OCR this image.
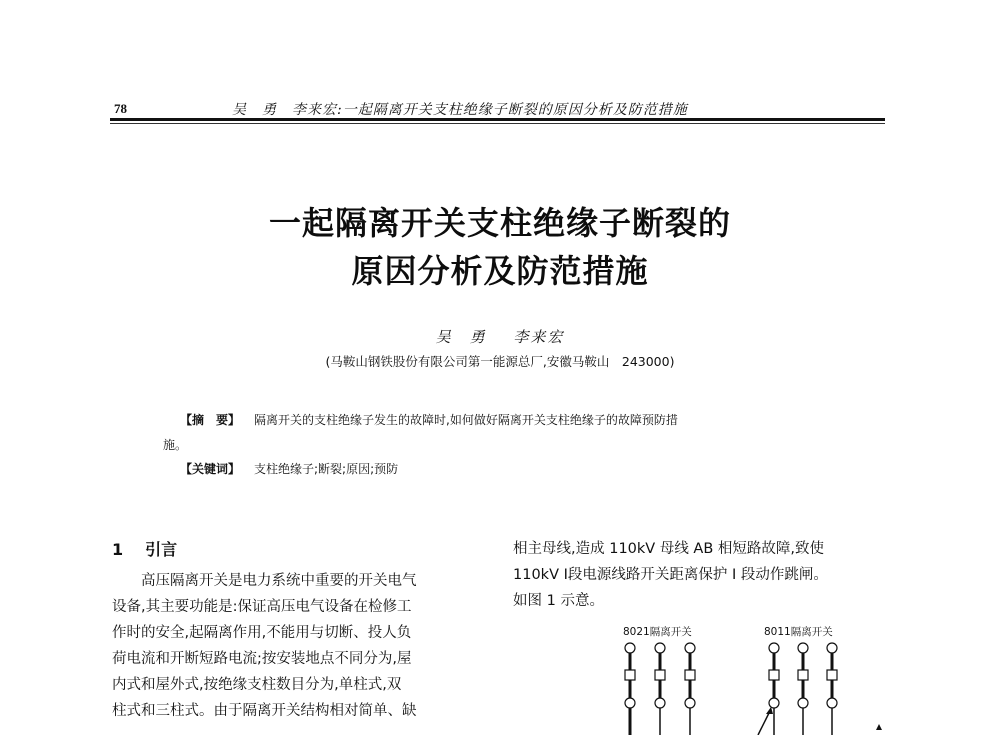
78	吴　勇　李来宏:一起隔离开关支柱绝缘子断裂的原因分析及防范措施
一起隔离开关支柱绝缘子断裂的
原因分析及防范措施
吴　勇 李来宏
(马鞍山钢铁股份有限公司第一能源总厂,安徽马鞍山　243000)
【摘　要】 隔离开关的支柱绝缘子发生的故障时,如何做好隔离开关支柱绝缘子的故障预防措
施。
【关键词】 支柱绝缘子;断裂;原因;预防
1 引言
高压隔离开关是电力系统中重要的开关电气
设备,其主要功能是:保证高压电气设备在检修工
作时的安全,起隔离作用,不能用与切断、投人负
荷电流和开断短路电流;按安装地点不同分为,屋
内式和屋外式,按绝缘支柱数目分为,单柱式,双
柱式和三柱式。由于隔离开关结构相对简单、缺
相主母线,造成 110kV 母线 AB 相短路故障,致使
110kV Ⅰ段电源线路开关距离保护 I 段动作跳闸。
如图 1 示意。
8021隔离开关	8011隔离开关
